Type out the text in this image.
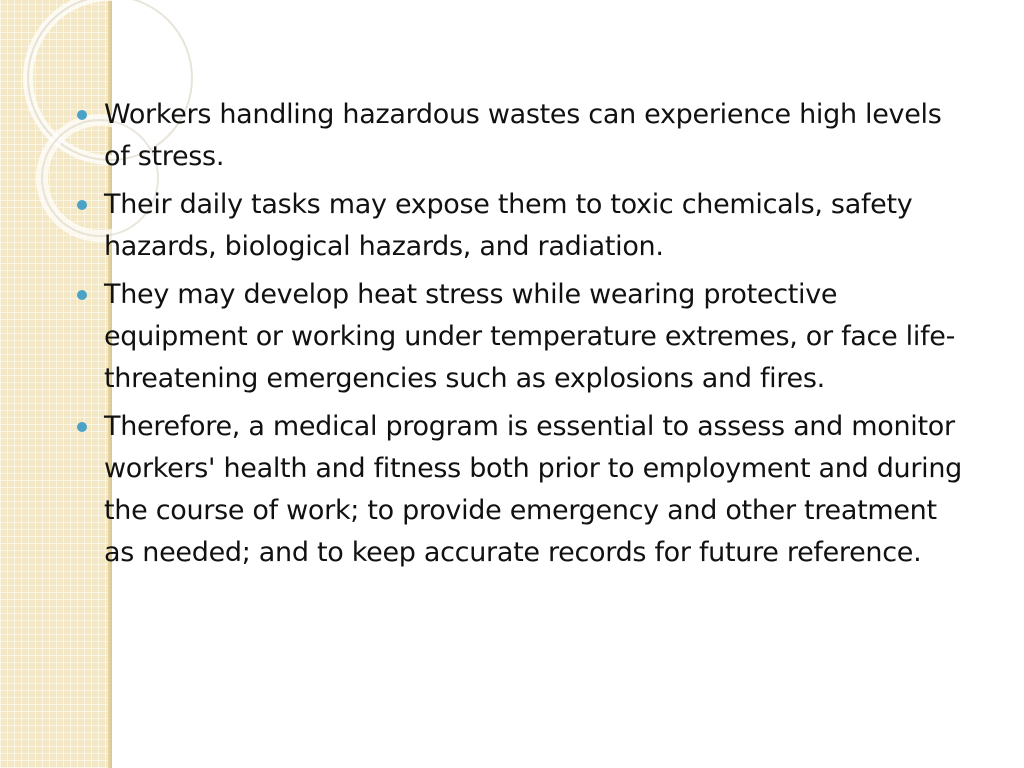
Workers handling hazardous wastes can experience high levels of stress.
Their daily tasks may expose them to toxic chemicals, safety hazards, biological hazards, and radiation.
They may develop heat stress while wearing protective equipment or working under temperature extremes, or face life-threatening emergencies such as explosions and fires.
Therefore, a medical program is essential to assess and monitor workers' health and fitness both prior to employment and during the course of work; to provide emergency and other treatment as needed; and to keep accurate records for future reference.
